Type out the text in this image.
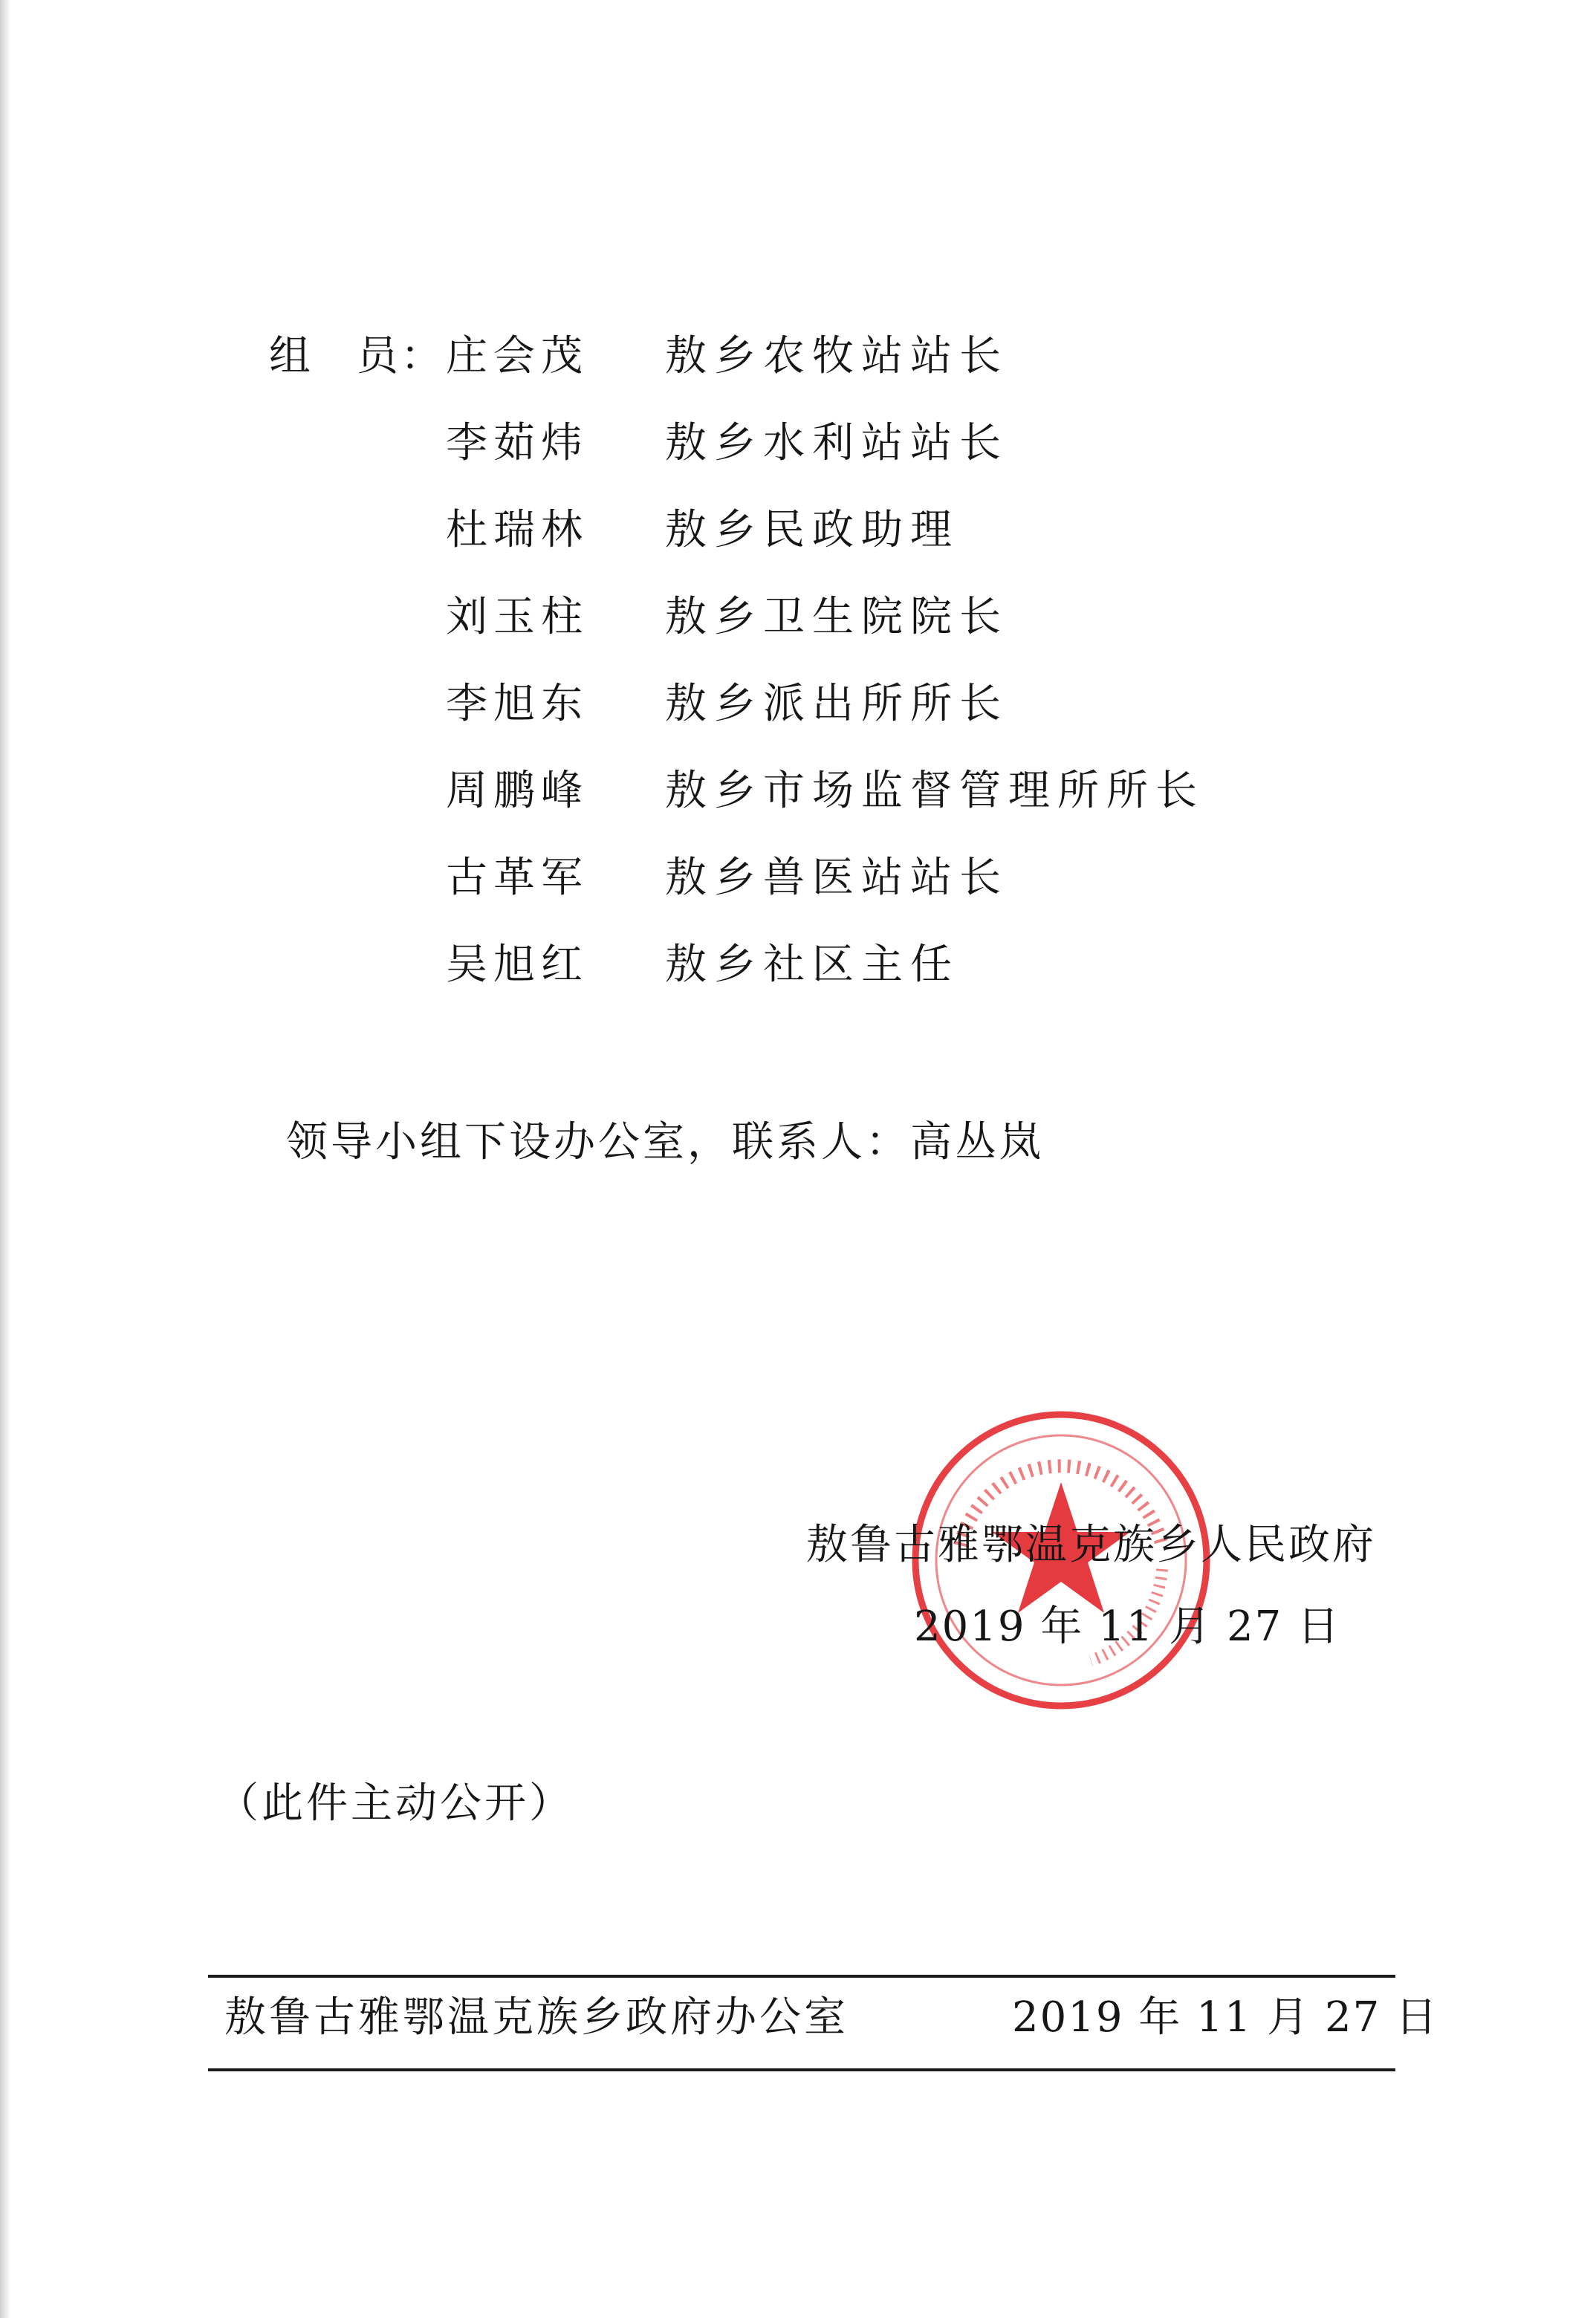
组　员： 庄会茂 敖乡农牧站站长
李茹炜 敖乡水利站站长
杜瑞林 敖乡民政助理
刘玉柱 敖乡卫生院院长
李旭东 敖乡派出所所长
周鹏峰 敖乡市场监督管理所所长
古革军 敖乡兽医站站长
吴旭红 敖乡社区主任
领导小组下设办公室，联系人：高丛岚
敖鲁古雅鄂温克族乡人民政府
2019 年 11 月 27 日
（此件主动公开）
敖鲁古雅鄂温克族乡政府办公室	2019 年 11 月 27 日
